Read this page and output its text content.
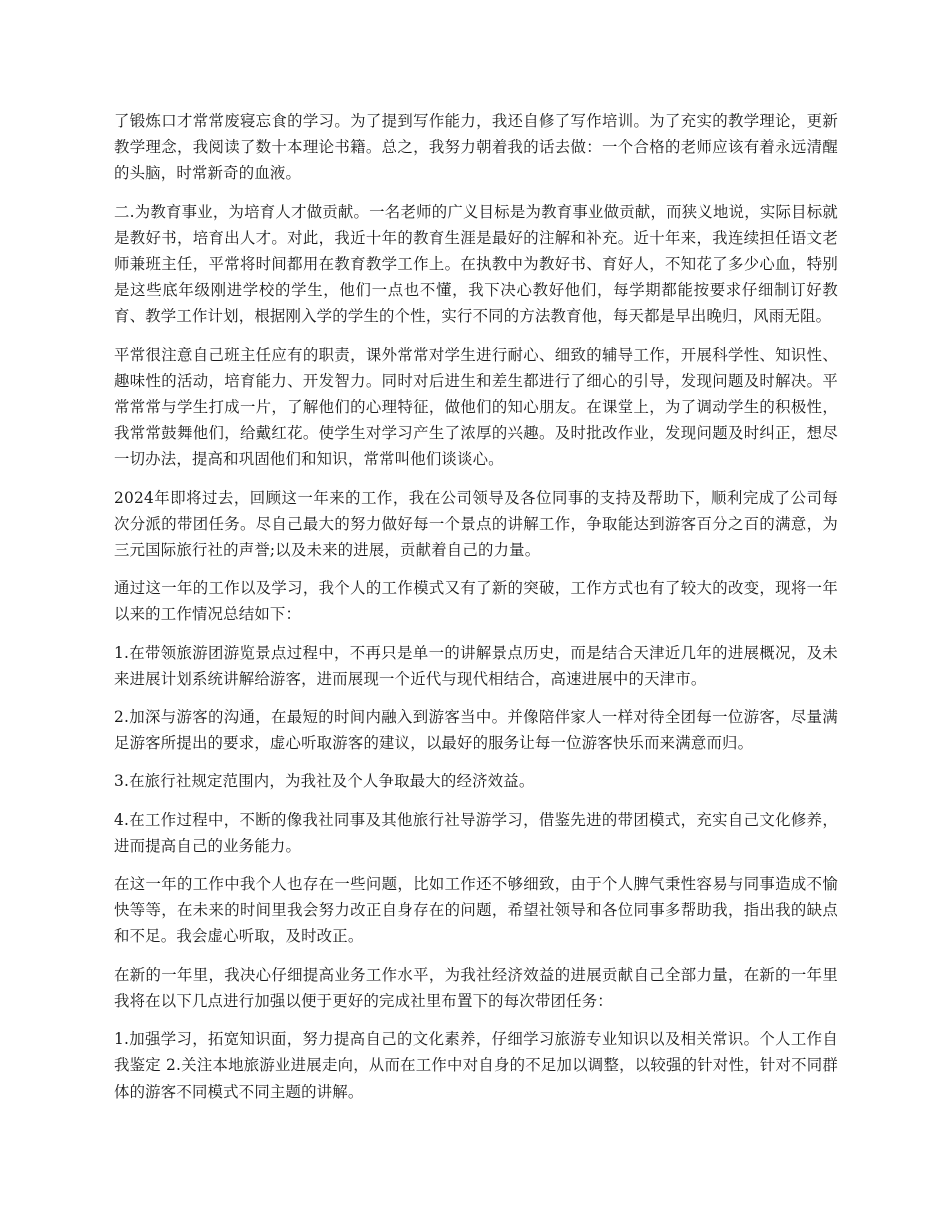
了锻炼口才常常废寝忘食的学习。为了提到写作能力，我还自修了写作培训。为了充实的教学理论，更新教学理念，我阅读了数十本理论书籍。总之，我努力朝着我的话去做：一个合格的老师应该有着永远清醒的头脑，时常新奇的血液。

二.为教育事业，为培育人才做贡献。一名老师的广义目标是为教育事业做贡献，而狭义地说，实际目标就是教好书，培育出人才。对此，我近十年的教育生涯是最好的注解和补充。近十年来，我连续担任语文老师兼班主任，平常将时间都用在教育教学工作上。在执教中为教好书、育好人，不知花了多少心血，特别是这些底年级刚进学校的学生，他们一点也不懂，我下决心教好他们，每学期都能按要求仔细制订好教育、教学工作计划，根据刚入学的学生的个性，实行不同的方法教育他，每天都是早出晚归，风雨无阻。

平常很注意自己班主任应有的职责，课外常常对学生进行耐心、细致的辅导工作，开展科学性、知识性、趣味性的活动，培育能力、开发智力。同时对后进生和差生都进行了细心的引导，发现问题及时解决。平常常常与学生打成一片，了解他们的心理特征，做他们的知心朋友。在课堂上，为了调动学生的积极性，我常常鼓舞他们，给戴红花。使学生对学习产生了浓厚的兴趣。及时批改作业，发现问题及时纠正，想尽一切办法，提高和巩固他们和知识，常常叫他们谈谈心。

2024年即将过去，回顾这一年来的工作，我在公司领导及各位同事的支持及帮助下，顺利完成了公司每次分派的带团任务。尽自己最大的努力做好每一个景点的讲解工作，争取能达到游客百分之百的满意，为三元国际旅行社的声誉;以及未来的进展，贡献着自己的力量。

通过这一年的工作以及学习，我个人的工作模式又有了新的突破，工作方式也有了较大的改变，现将一年以来的工作情况总结如下：

1.在带领旅游团游览景点过程中，不再只是单一的讲解景点历史，而是结合天津近几年的进展概况，及未来进展计划系统讲解给游客，进而展现一个近代与现代相结合，高速进展中的天津市。

2.加深与游客的沟通，在最短的时间内融入到游客当中。并像陪伴家人一样对待全团每一位游客，尽量满足游客所提出的要求，虚心听取游客的建议，以最好的服务让每一位游客快乐而来满意而归。

3.在旅行社规定范围内，为我社及个人争取最大的经济效益。

4.在工作过程中，不断的像我社同事及其他旅行社导游学习，借鉴先进的带团模式，充实自己文化修养，进而提高自己的业务能力。

在这一年的工作中我个人也存在一些问题，比如工作还不够细致，由于个人脾气秉性容易与同事造成不愉快等等，在未来的时间里我会努力改正自身存在的问题，希望社领导和各位同事多帮助我，指出我的缺点和不足。我会虚心听取，及时改正。

在新的一年里，我决心仔细提高业务工作水平，为我社经济效益的进展贡献自己全部力量，在新的一年里我将在以下几点进行加强以便于更好的完成社里布置下的每次带团任务：

1.加强学习，拓宽知识面，努力提高自己的文化素养，仔细学习旅游专业知识以及相关常识。个人工作自我鉴定 2.关注本地旅游业进展走向，从而在工作中对自身的不足加以调整，以较强的针对性，针对不同群体的游客不同模式不同主题的讲解。
